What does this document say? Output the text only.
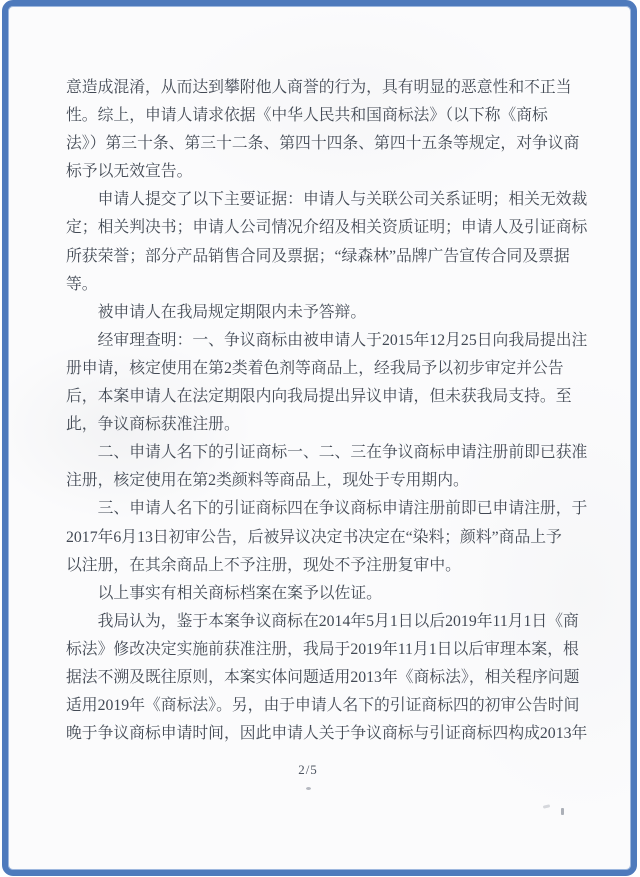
意造成混淆，从而达到攀附他人商誉的行为，具有明显的恶意性和不正当
性。综上，申请人请求依据《中华人民共和国商标法》（以下称《商标
法》）第三十条、第三十二条、第四十四条、第四十五条等规定，对争议商
标予以无效宣告。
申请人提交了以下主要证据：申请人与关联公司关系证明；相关无效裁
定；相关判决书；申请人公司情况介绍及相关资质证明；申请人及引证商标
所获荣誉；部分产品销售合同及票据；“绿森林”品牌广告宣传合同及票据
等。
被申请人在我局规定期限内未予答辩。
经审理查明：一、争议商标由被申请人于2015年12月25日向我局提出注
册申请，核定使用在第2类着色剂等商品上，经我局予以初步审定并公告
后，本案申请人在法定期限内向我局提出异议申请，但未获我局支持。至
此，争议商标获准注册。
二、申请人名下的引证商标一、二、三在争议商标申请注册前即已获准
注册，核定使用在第2类颜料等商品上，现处于专用期内。
三、申请人名下的引证商标四在争议商标申请注册前即已申请注册，于
2017年6月13日初审公告，后被异议决定书决定在“染料；颜料”商品上予
以注册，在其余商品上不予注册，现处不予注册复审中。
以上事实有相关商标档案在案予以佐证。
我局认为，鉴于本案争议商标在2014年5月1日以后2019年11月1日《商
标法》修改决定实施前获准注册，我局于2019年11月1日以后审理本案，根
据法不溯及既往原则，本案实体问题适用2013年《商标法》，相关程序问题
适用2019年《商标法》。另，由于申请人名下的引证商标四的初审公告时间
晚于争议商标申请时间，因此申请人关于争议商标与引证商标四构成2013年
2/5
